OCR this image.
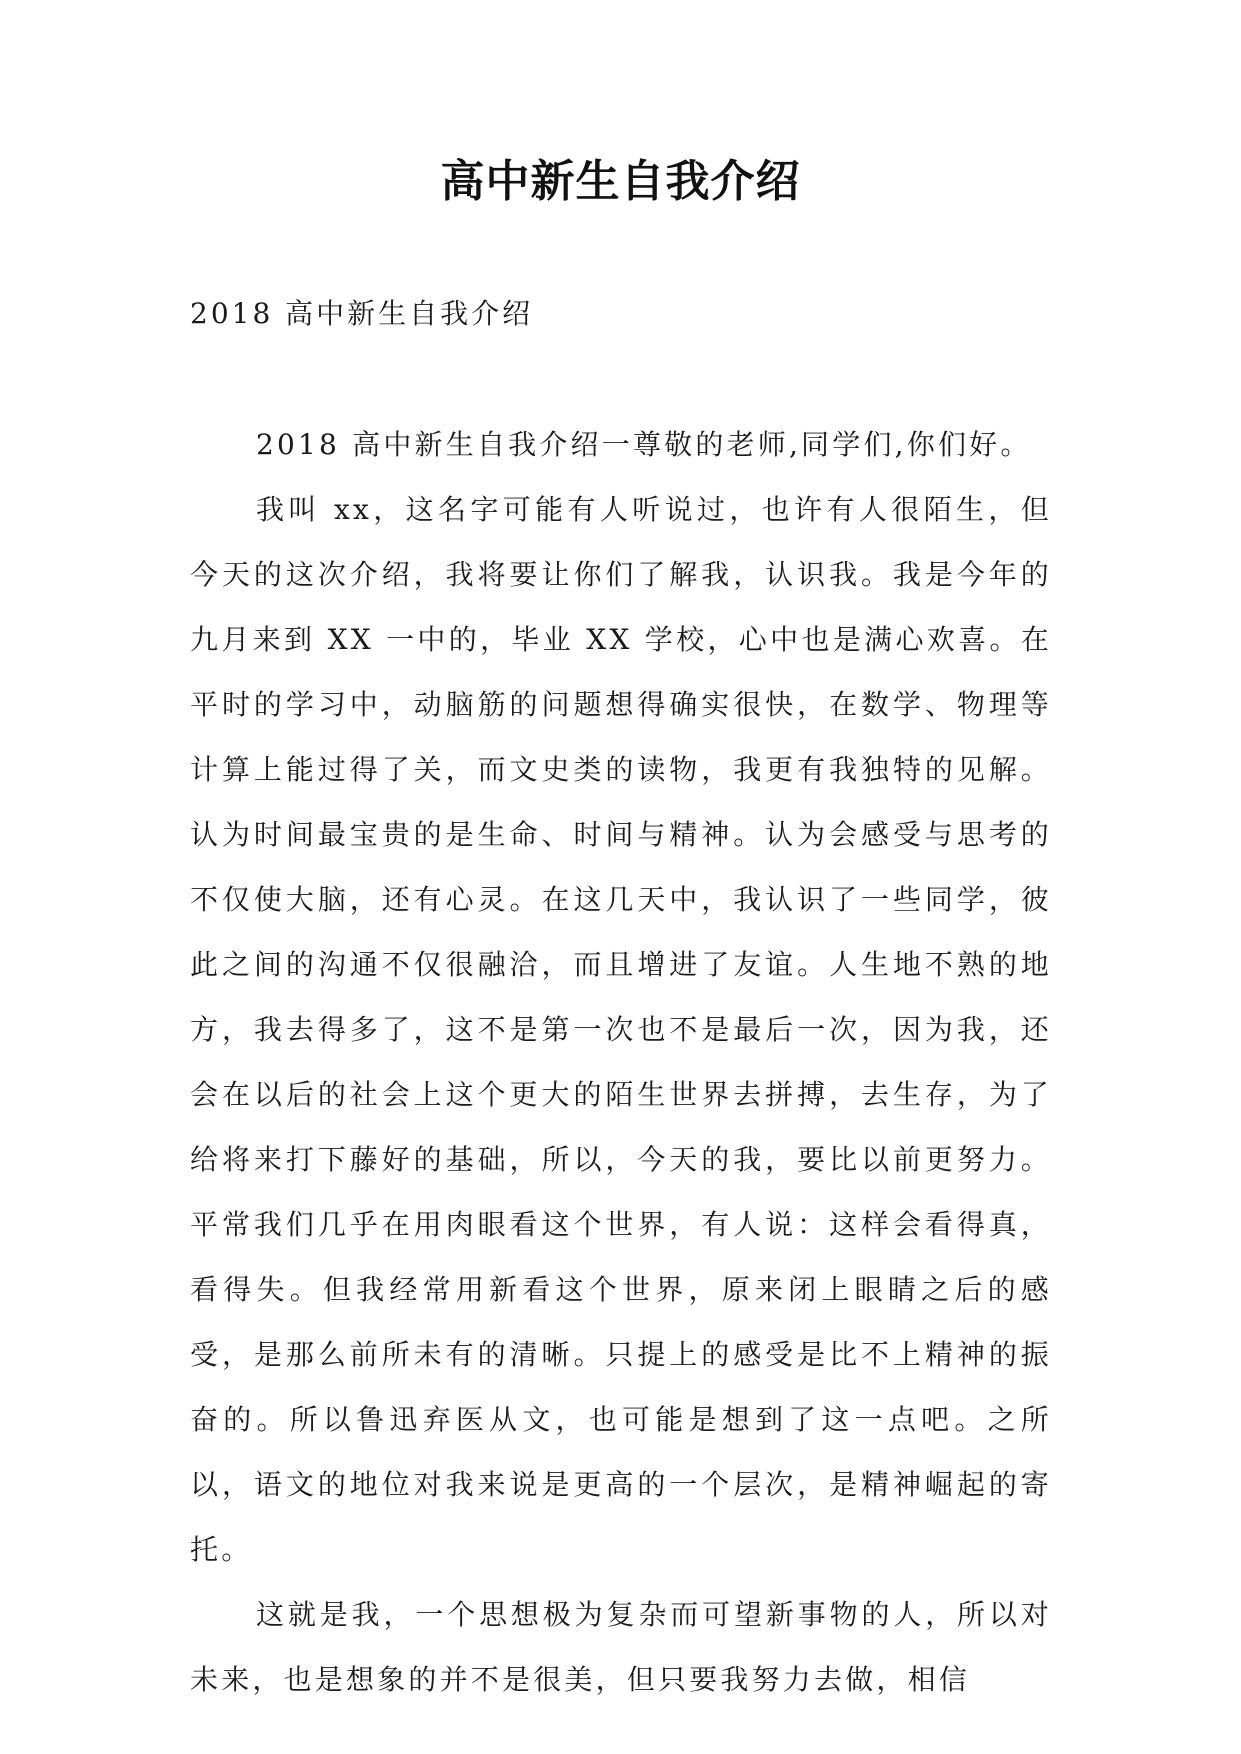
高中新生自我介绍

2018 高中新生自我介绍

2018 高中新生自我介绍一尊敬的老师,同学们,你们好。

我叫 xx，这名字可能有人听说过，也许有人很陌生，但今天的这次介绍，我将要让你们了解我，认识我。我是今年的九月来到 XX 一中的，毕业 XX 学校，心中也是满心欢喜。在平时的学习中，动脑筋的问题想得确实很快，在数学、物理等计算上能过得了关，而文史类的读物，我更有我独特的见解。认为时间最宝贵的是生命、时间与精神。认为会感受与思考的不仅使大脑，还有心灵。在这几天中，我认识了一些同学，彼此之间的沟通不仅很融洽，而且增进了友谊。人生地不熟的地方，我去得多了，这不是第一次也不是最后一次，因为我，还会在以后的社会上这个更大的陌生世界去拼搏，去生存，为了给将来打下藤好的基础，所以，今天的我，要比以前更努力。平常我们几乎在用肉眼看这个世界，有人说：这样会看得真，看得失。但我经常用新看这个世界，原来闭上眼睛之后的感受，是那么前所未有的清晰。只提上的感受是比不上精神的振奋的。所以鲁迅弃医从文，也可能是想到了这一点吧。之所以，语文的地位对我来说是更高的一个层次，是精神崛起的寄托。

这就是我，一个思想极为复杂而可望新事物的人，所以对未来，也是想象的并不是很美，但只要我努力去做，相信
